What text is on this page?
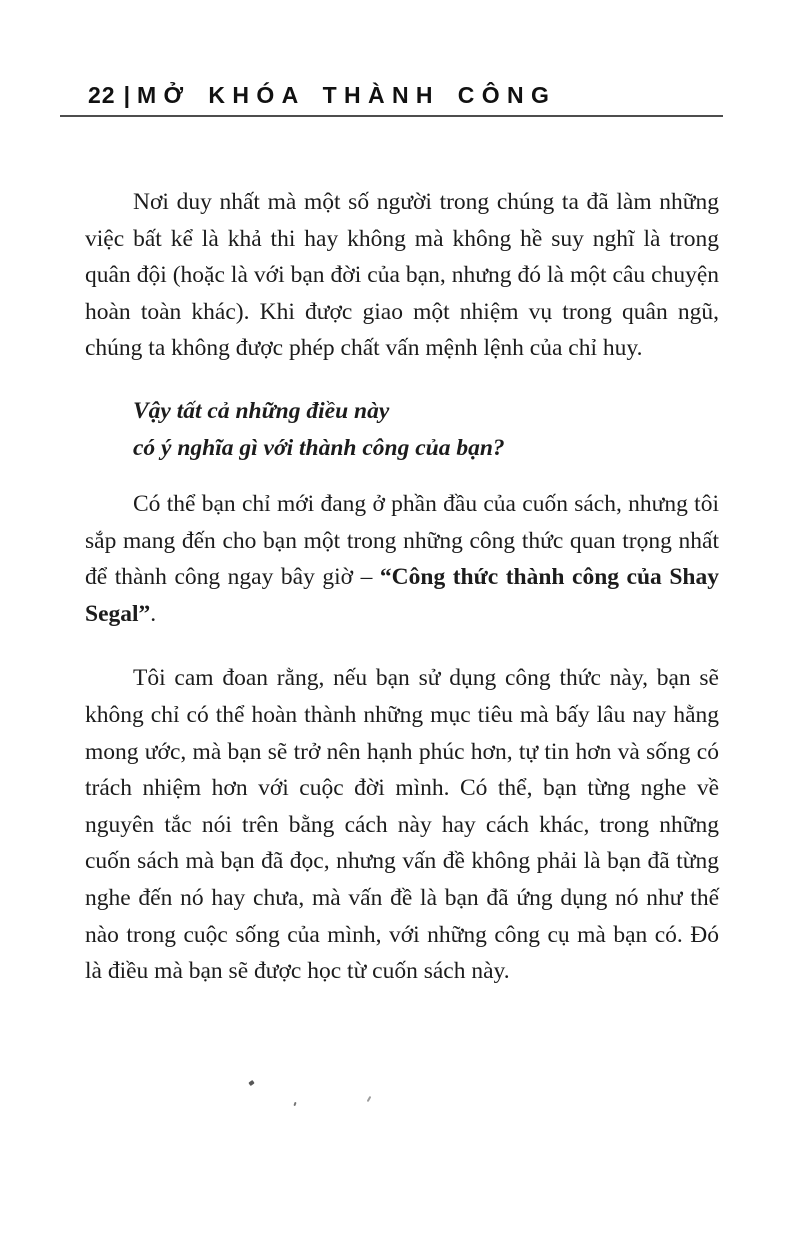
22 | MỞ KHÓA THÀNH CÔNG

Nơi duy nhất mà một số người trong chúng ta đã làm những việc bất kể là khả thi hay không mà không hề suy nghĩ là trong quân đội (hoặc là với bạn đời của bạn, nhưng đó là một câu chuyện hoàn toàn khác). Khi được giao một nhiệm vụ trong quân ngũ, chúng ta không được phép chất vấn mệnh lệnh của chỉ huy.

Vậy tất cả những điều này
có ý nghĩa gì với thành công của bạn?

Có thể bạn chỉ mới đang ở phần đầu của cuốn sách, nhưng tôi sắp mang đến cho bạn một trong những công thức quan trọng nhất để thành công ngay bây giờ – “Công thức thành công của Shay Segal”.

Tôi cam đoan rằng, nếu bạn sử dụng công thức này, bạn sẽ không chỉ có thể hoàn thành những mục tiêu mà bấy lâu nay hằng mong ước, mà bạn sẽ trở nên hạnh phúc hơn, tự tin hơn và sống có trách nhiệm hơn với cuộc đời mình. Có thể, bạn từng nghe về nguyên tắc nói trên bằng cách này hay cách khác, trong những cuốn sách mà bạn đã đọc, nhưng vấn đề không phải là bạn đã từng nghe đến nó hay chưa, mà vấn đề là bạn đã ứng dụng nó như thế nào trong cuộc sống của mình, với những công cụ mà bạn có. Đó là điều mà bạn sẽ được học từ cuốn sách này.
